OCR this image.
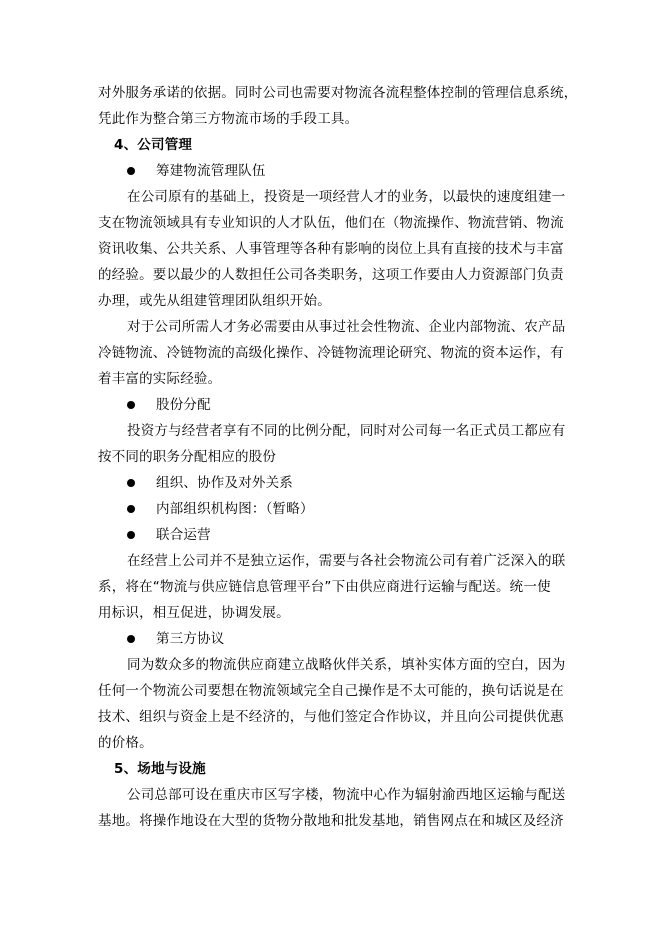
对外服务承诺的依据。同时公司也需要对物流各流程整体控制的管理信息系统，
凭此作为整合第三方物流市场的手段工具。
4、公司管理
筹建物流管理队伍
在公司原有的基础上，投资是一项经营人才的业务，以最快的速度组建一
支在物流领域具有专业知识的人才队伍，他们在（物流操作、物流营销、物流
资讯收集、公共关系、人事管理等各种有影响的岗位上具有直接的技术与丰富
的经验。要以最少的人数担任公司各类职务，这项工作要由人力资源部门负责
办理，或先从组建管理团队组织开始。
对于公司所需人才务必需要由从事过社会性物流、企业内部物流、农产品
冷链物流、冷链物流的高级化操作、冷链物流理论研究、物流的资本运作，有
着丰富的实际经验。
股份分配
投资方与经营者享有不同的比例分配，同时对公司每一名正式员工都应有
按不同的职务分配相应的股份
组织、协作及对外关系
内部组织机构图：（暂略）
联合运营
在经营上公司并不是独立运作，需要与各社会物流公司有着广泛深入的联
系，将在“物流与供应链信息管理平台”下由供应商进行运输与配送。统一使
用标识，相互促进，协调发展。
第三方协议
同为数众多的物流供应商建立战略伙伴关系，填补实体方面的空白，因为
任何一个物流公司要想在物流领域完全自己操作是不太可能的，换句话说是在
技术、组织与资金上是不经济的，与他们签定合作协议，并且向公司提供优惠
的价格。
5、场地与设施
公司总部可设在重庆市区写字楼，物流中心作为辐射渝西地区运输与配送
基地。将操作地设在大型的货物分散地和批发基地，销售网点在和城区及经济
